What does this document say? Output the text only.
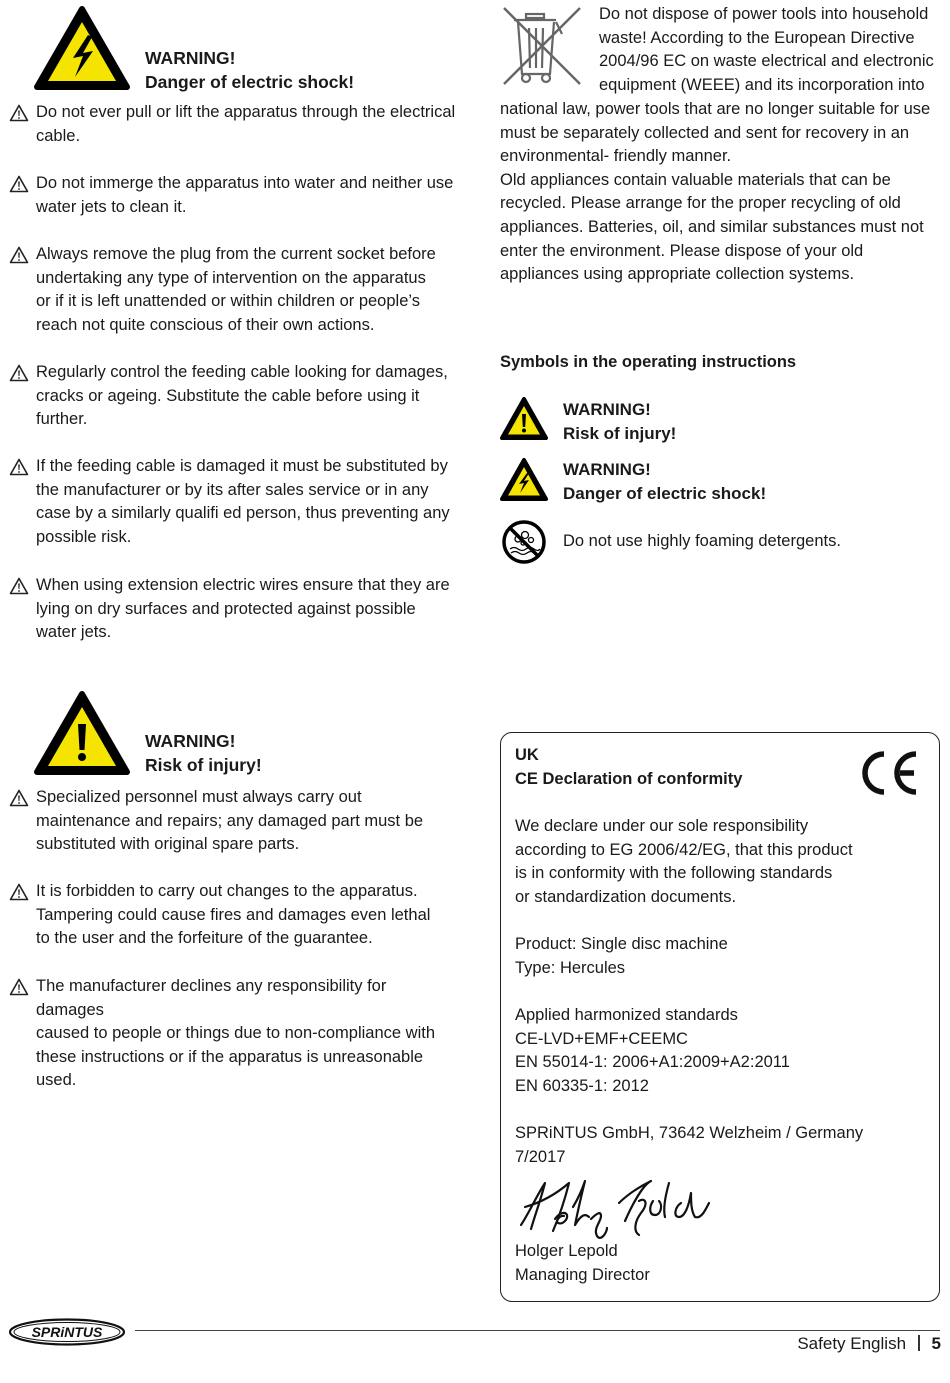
WARNING!
Danger of electric shock!
Do not ever pull or lift the apparatus through the electrical
cable.
Do not immerge the apparatus into water and neither use
water jets to clean it.
Always remove the plug from the current socket before
undertaking any type of intervention on the apparatus
or if it is left unattended or within children or people’s
reach not quite conscious of their own actions.
Regularly control the feeding cable looking for damages,
cracks or ageing. Substitute the cable before using it
further.
If the feeding cable is damaged it must be substituted by
the manufacturer or by its after sales service or in any
case by a similarly qualifi ed person, thus preventing any
possible risk.
When using extension electric wires ensure that they are
lying on dry surfaces and protected against possible
water jets.
WARNING!
Risk of injury!
Specialized personnel must always carry out
maintenance and repairs; any damaged part must be
substituted with original spare parts.
It is forbidden to carry out changes to the apparatus.
Tampering could cause fires and damages even lethal
to the user and the forfeiture of the guarantee.
The manufacturer declines any responsibility for damages
caused to people or things due to non-compliance with
these instructions or if the apparatus is unreasonable
used.
Do not dispose of power tools into household
waste! According to the European Directive
2004/96 EC on waste electrical and electronic
equipment (WEEE) and its incorporation into
national law, power tools that are no longer suitable for use
must be separately collected and sent for recovery in an
environmental- friendly manner.
Old appliances contain valuable materials that can be
recycled. Please arrange for the proper recycling of old
appliances. Batteries, oil, and similar substances must not
enter the environment. Please dispose of your old
appliances using appropriate collection systems.
Symbols in the operating instructions
WARNING!
Risk of injury!
WARNING!
Danger of electric shock!
Do not use highly foaming detergents.
UK
CE Declaration of conformity
We declare under our sole responsibility
according to EG 2006/42/EG, that this product
is in conformity with the following standards
or standardization documents.
Product: Single disc machine
Type: Hercules
Applied harmonized standards
CE-LVD+EMF+CEEMC
EN 55014-1: 2006+A1:2009+A2:2011
EN 60335-1: 2012
SPRiNTUS GmbH, 73642 Welzheim / Germany
7/2017
Holger Lepold
Managing Director
SPRiNTUS
Safety English 5
